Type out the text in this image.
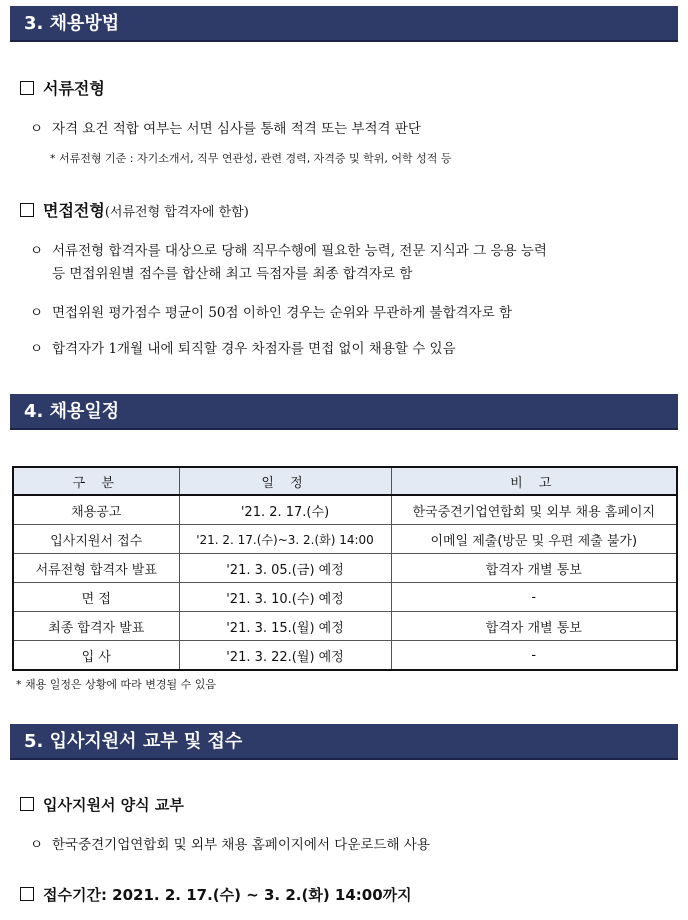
3. 채용방법
서류전형
ㅇ 자격 요건 적합 여부는 서면 심사를 통해 적격 또는 부적격 판단
* 서류전형 기준 : 자기소개서, 직무 연관성, 관련 경력, 자격증 및 학위, 어학 성적 등
면접전형(서류전형 합격자에 한함)
ㅇ 서류전형 합격자를 대상으로 당해 직무수행에 필요한 능력, 전문 지식과 그 응용 능력
등 면접위원별 점수를 합산해 최고 득점자를 최종 합격자로 함
ㅇ 면접위원 평가점수 평균이 50점 이하인 경우는 순위와 무관하게 불합격자로 함
ㅇ 합격자가 1개월 내에 퇴직할 경우 차점자를 면접 없이 채용할 수 있음
4. 채용일정
구 분	일 정	비 고
채용공고	'21. 2. 17.(수)	한국중견기업연합회 및 외부 채용 홈페이지
입사지원서 접수	'21. 2. 17.(수)~3. 2.(화) 14:00	이메일 제출(방문 및 우편 제출 불가)
서류전형 합격자 발표	'21. 3. 05.(금) 예정	합격자 개별 통보
면 접	'21. 3. 10.(수) 예정	-
최종 합격자 발표	'21. 3. 15.(월) 예정	합격자 개별 통보
입 사	'21. 3. 22.(월) 예정	-
* 채용 일정은 상황에 따라 변경될 수 있음
5. 입사지원서 교부 및 접수
입사지원서 양식 교부
ㅇ 한국중견기업연합회 및 외부 채용 홈페이지에서 다운로드해 사용
접수기간: 2021. 2. 17.(수) ~ 3. 2.(화) 14:00까지
